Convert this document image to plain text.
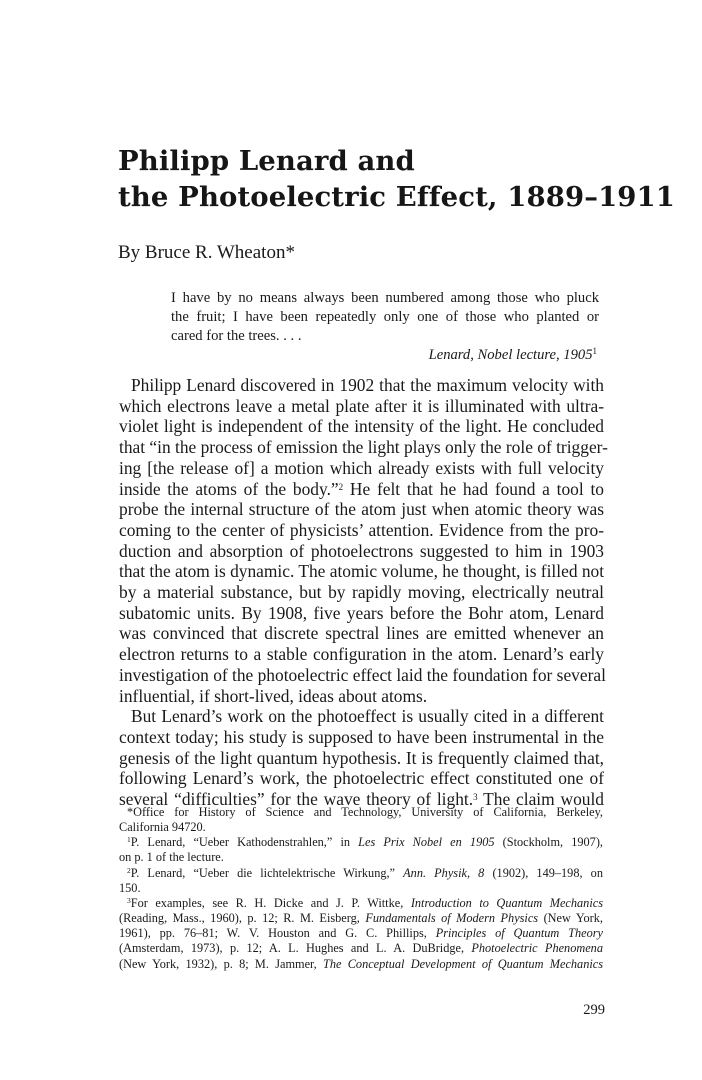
Philipp Lenard and
the Photoelectric Effect, 1889–1911
By Bruce R. Wheaton*
I have by no means always been numbered among those who pluck
the fruit; I have been repeatedly only one of those who planted or
cared for the trees. . . .
Lenard, Nobel lecture, 1905$^1$
Philipp Lenard discovered in 1902 that the maximum velocity with
which electrons leave a metal plate after it is illuminated with ultra-
violet light is independent of the intensity of the light. He concluded
that “in the process of emission the light plays only the role of trigger-
ing [the release of] a motion which already exists with full velocity
inside the atoms of the body.”$^2$ He felt that he had found a tool to
probe the internal structure of the atom just when atomic theory was
coming to the center of physicists’ attention. Evidence from the pro-
duction and absorption of photoelectrons suggested to him in 1903
that the atom is dynamic. The atomic volume, he thought, is filled not
by a material substance, but by rapidly moving, electrically neutral
subatomic units. By 1908, five years before the Bohr atom, Lenard
was convinced that discrete spectral lines are emitted whenever an
electron returns to a stable configuration in the atom. Lenard’s early
investigation of the photoelectric effect laid the foundation for several
influential, if short-lived, ideas about atoms.
But Lenard’s work on the photoeffect is usually cited in a different
context today; his study is supposed to have been instrumental in the
genesis of the light quantum hypothesis. It is frequently claimed that,
following Lenard’s work, the photoelectric effect constituted one of
several “difficulties” for the wave theory of light.$^3$ The claim would
*Office for History of Science and Technology, University of California, Berkeley,
California 94720.
$^1$P. Lenard, “Ueber Kathodenstrahlen,” in Les Prix Nobel en 1905 (Stockholm, 1907),
on p. 1 of the lecture.
$^2$P. Lenard, “Ueber die lichtelektrische Wirkung,” Ann. Physik, 8 (1902), 149–198, on
150.
$^3$For examples, see R. H. Dicke and J. P. Wittke, Introduction to Quantum Mechanics
(Reading, Mass., 1960), p. 12; R. M. Eisberg, Fundamentals of Modern Physics (New York,
1961), pp. 76–81; W. V. Houston and G. C. Phillips, Principles of Quantum Theory
(Amsterdam, 1973), p. 12; A. L. Hughes and L. A. DuBridge, Photoelectric Phenomena
(New York, 1932), p. 8; M. Jammer, The Conceptual Development of Quantum Mechanics
299
